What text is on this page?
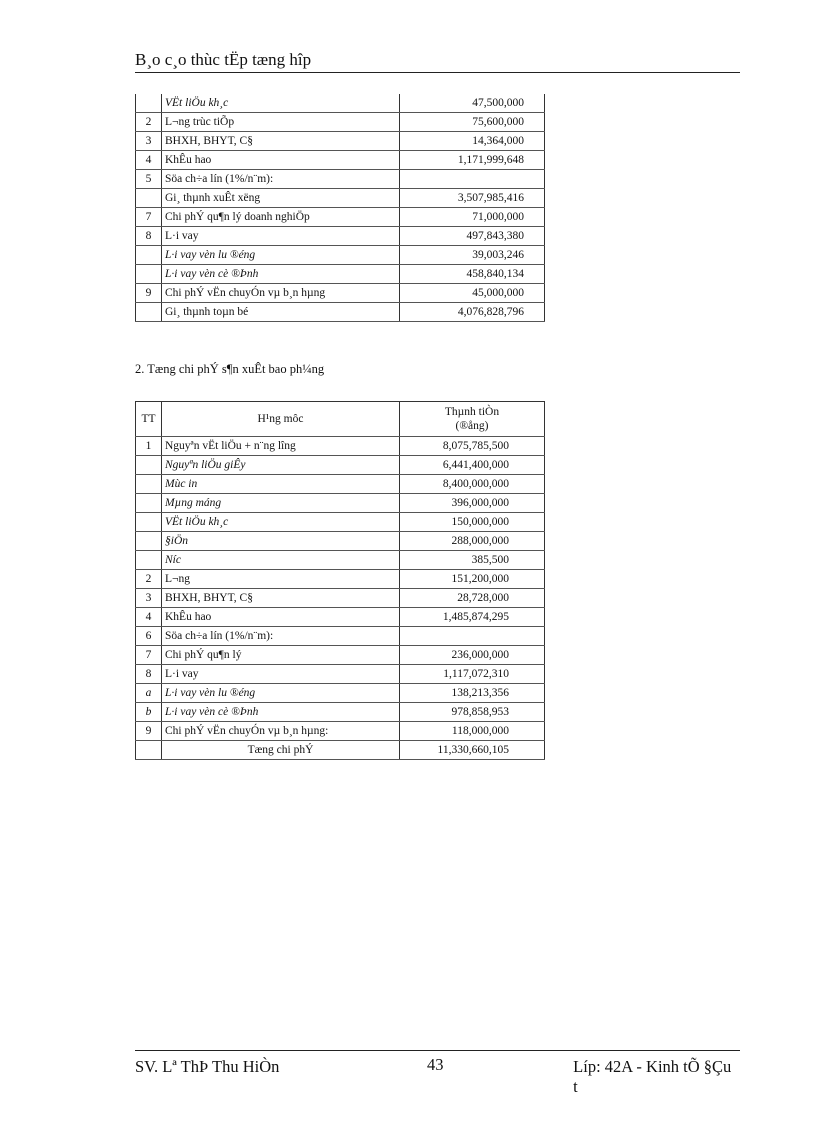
B¸o c¸o thùc tËp tæng hîp
	VËt liÖu kh¸c	47,500,000
2	L¬ng trùc tiÕp	75,600,000
3	BHXH, BHYT, C§	14,364,000
4	KhÊu hao	1,171,999,648
5	Söa ch÷a lín (1%/n¨m):	
	Gi¸ thµnh xuÊt xëng	3,507,985,416
7	Chi phÝ qu¶n lý doanh nghiÖp	71,000,000
8	L·i vay	497,843,380
	L·i vay vèn lu ®éng	39,003,246
	L·i vay vèn cè ®Þnh	458,840,134
9	Chi phÝ vËn chuyÓn vµ b¸n hµng	45,000,000
	Gi¸ thµnh toµn bé	4,076,828,796
2. Tæng chi phÝ s¶n xuÊt bao ph¼ng
TT	H¹ng môc	Thµnh tiÒn
(®ång)

1	Nguyªn vËt liÖu + n¨ng lîng	8,075,785,500
	Nguyªn liÖu giÊy	6,441,400,000
	Mùc in	8,400,000,000
	Mµng máng	396,000,000
	VËt liÖu kh¸c	150,000,000
	§iÖn	288,000,000
	Níc	385,500
2	L¬ng	151,200,000
3	BHXH, BHYT, C§	28,728,000
4	KhÊu hao	1,485,874,295
6	Söa ch÷a lín (1%/n¨m):	
7	Chi phÝ qu¶n lý	236,000,000
8	L·i vay	1,117,072,310
a	L·i vay vèn lu ®éng	138,213,356
b	L·i vay vèn cè ®Þnh	978,858,953
9	Chi phÝ vËn chuyÓn vµ b¸n hµng:	118,000,000
	Tæng chi phÝ	11,330,660,105
SV. Lª ThÞ Thu HiÒn	43	Líp: 42A - Kinh tÕ §Çu t
